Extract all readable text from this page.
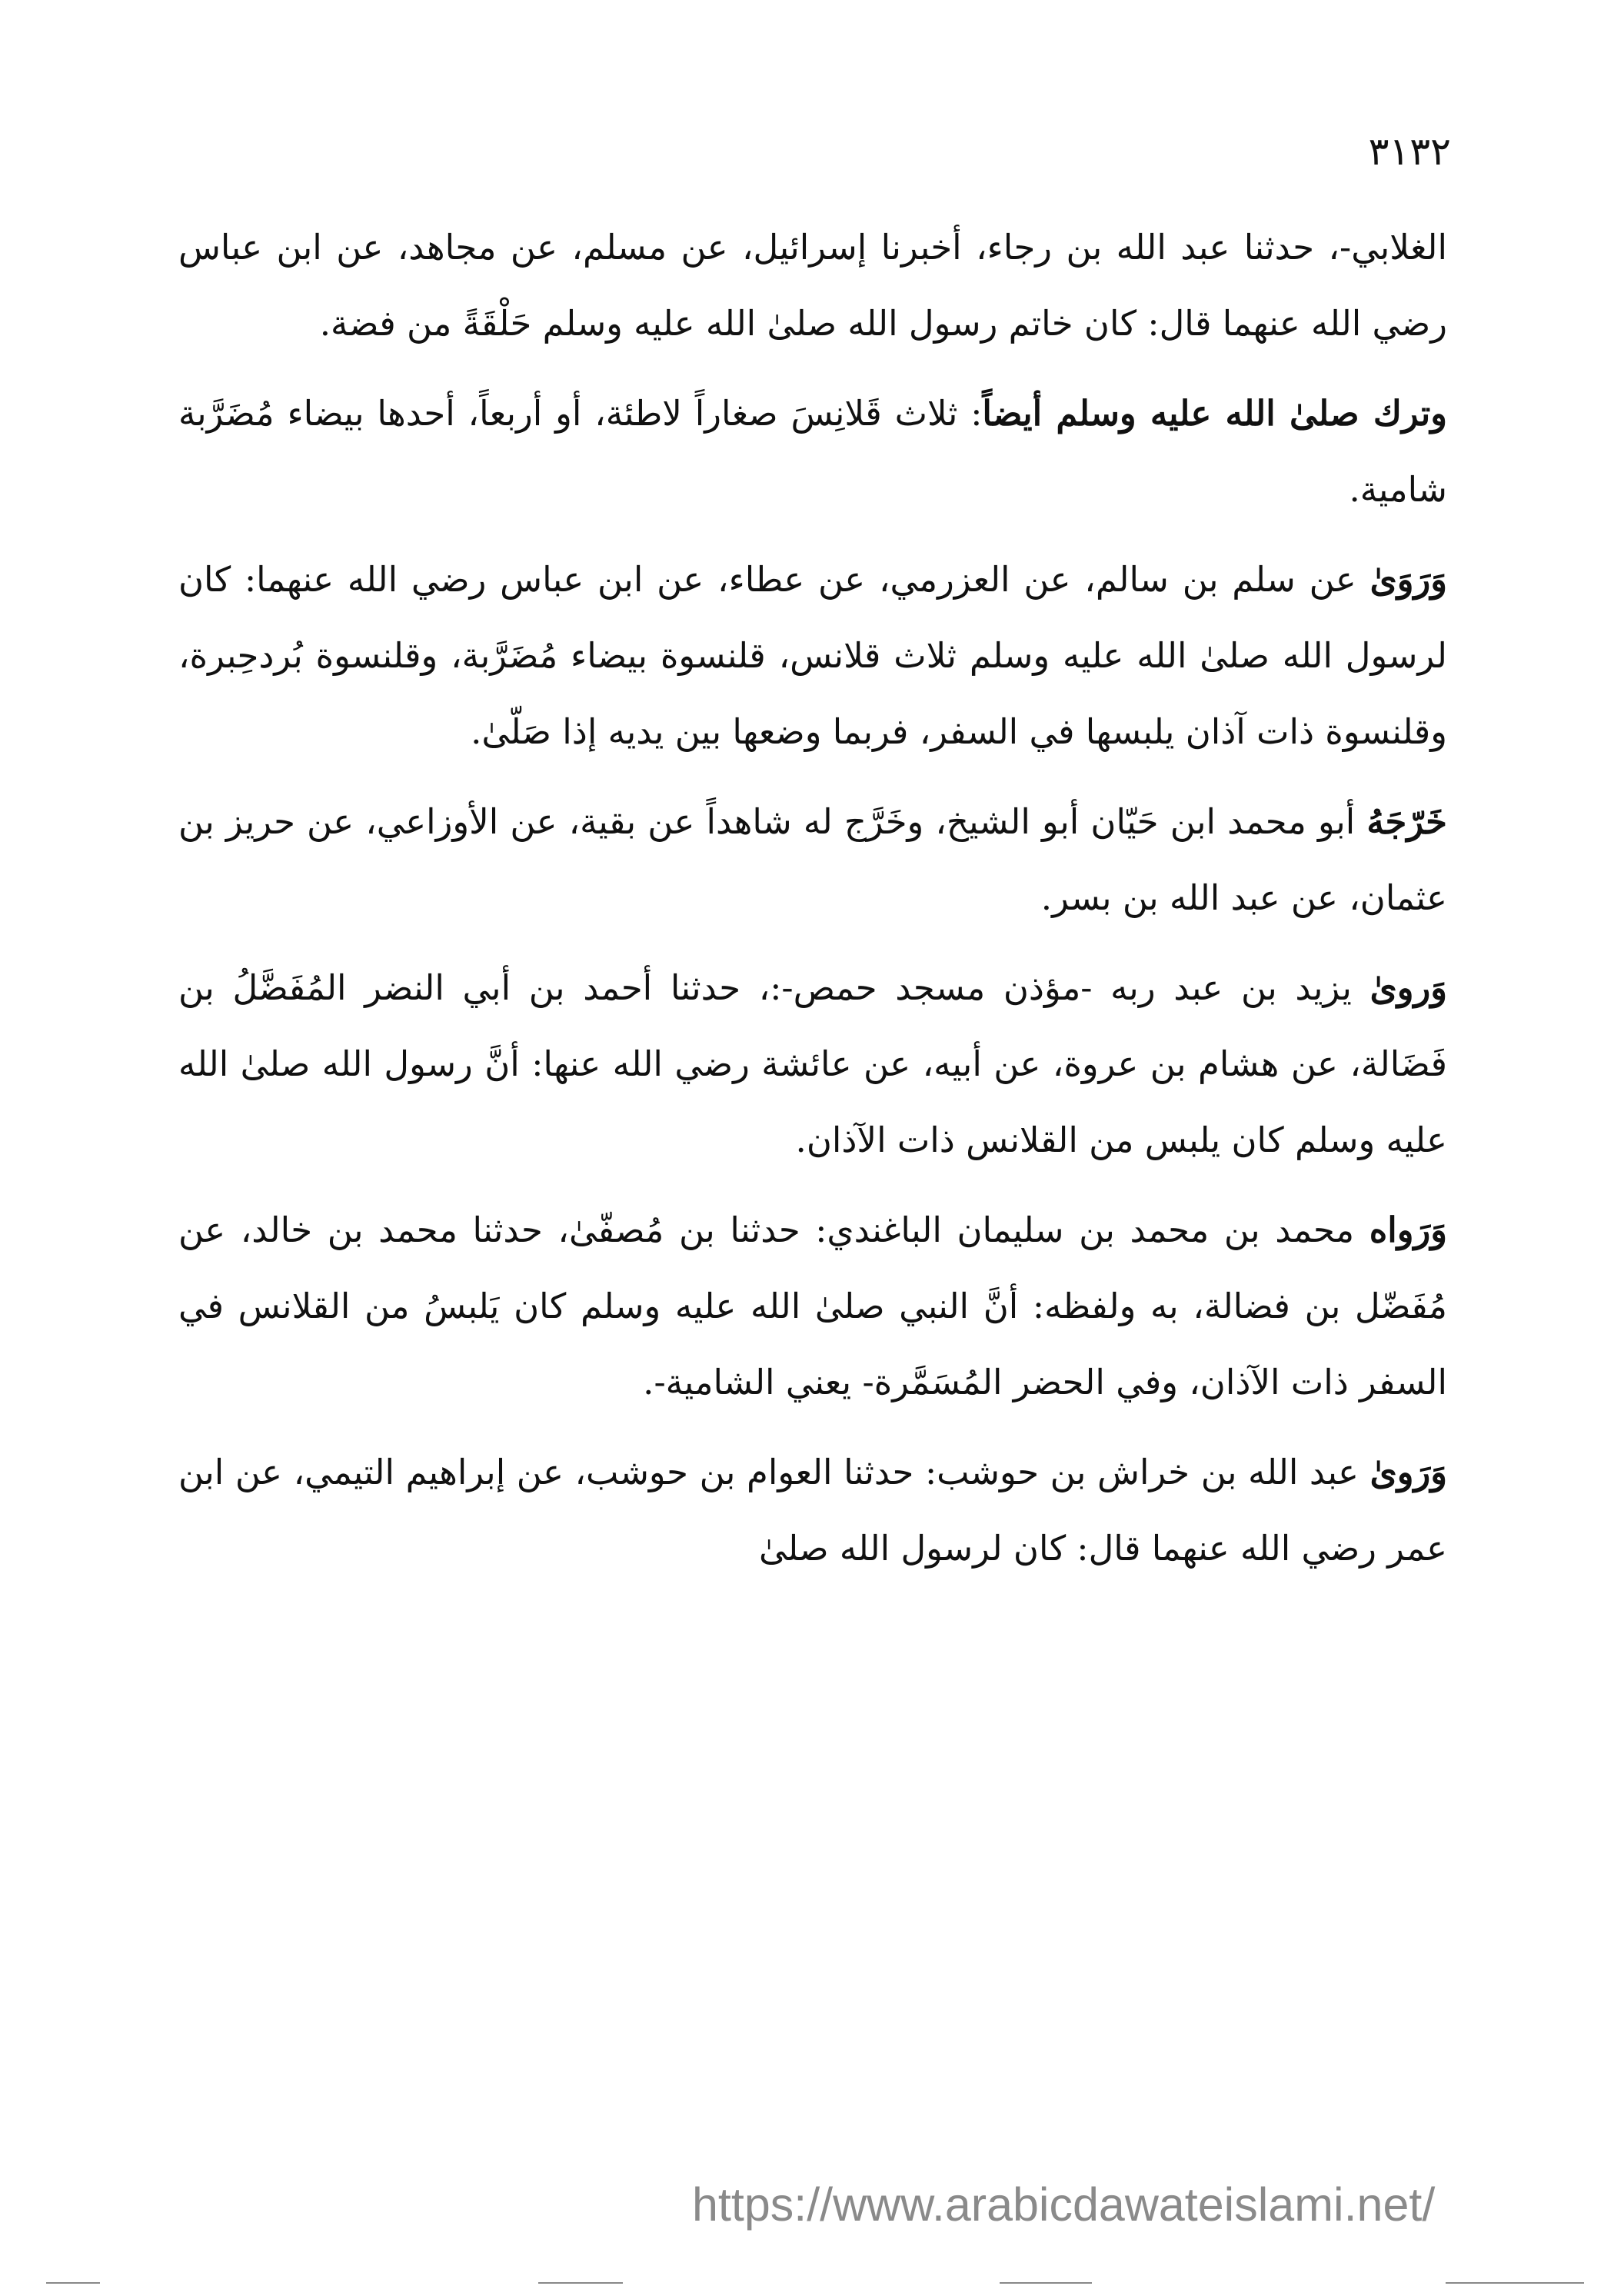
٣١٣٢

الغلابي-، حدثنا عبد الله بن رجاء، أخبرنا إسرائيل، عن مسلم، عن مجاهد، عن ابن عباس رضي الله عنهما قال: كان خاتم رسول الله صلىٰ الله عليه وسلم حَلْقَةً من فضة.

وترك صلىٰ الله عليه وسلم أيضاً: ثلاث قَلانِسَ صغاراً لاطئة، أو أربعاً، أحدها بيضاء مُضَرَّبة شامية.

وَرَوَىٰ عن سلم بن سالم، عن العزرمي، عن عطاء، عن ابن عباس رضي الله عنهما: كان لرسول الله صلىٰ الله عليه وسلم ثلاث قلانس، قلنسوة بيضاء مُضَرَّبة، وقلنسوة بُردحِبرة، وقلنسوة ذات آذان يلبسها في السفر، فربما وضعها بين يديه إذا صَلّىٰ.

خَرّجَهُ أبو محمد ابن حَيّان أبو الشيخ، وخَرَّج له شاهداً عن بقية، عن الأوزاعي، عن حريز بن عثمان، عن عبد الله بن بسر.

وَروىٰ يزيد بن عبد ربه -مؤذن مسجد حمص-:، حدثنا أحمد بن أبي النضر المُفَضَّلُ بن فَضَالة، عن هشام بن عروة، عن أبيه، عن عائشة رضي الله عنها: أنَّ رسول الله صلىٰ الله عليه وسلم كان يلبس من القلانس ذات الآذان.

وَرَواه محمد بن محمد بن سليمان الباغندي: حدثنا بن مُصفّىٰ، حدثنا محمد بن خالد، عن مُفَضّل بن فضالة، به ولفظه: أنَّ النبي صلىٰ الله عليه وسلم كان يَلبسُ من القلانس في السفر ذات الآذان، وفي الحضر المُسَمَّرة- يعني الشامية-.

وَرَوىٰ عبد الله بن خراش بن حوشب: حدثنا العوام بن حوشب، عن إبراهيم التيمي، عن ابن عمر رضي الله عنهما قال: كان لرسول الله صلىٰ

https://www.arabicdawateislami.net/
